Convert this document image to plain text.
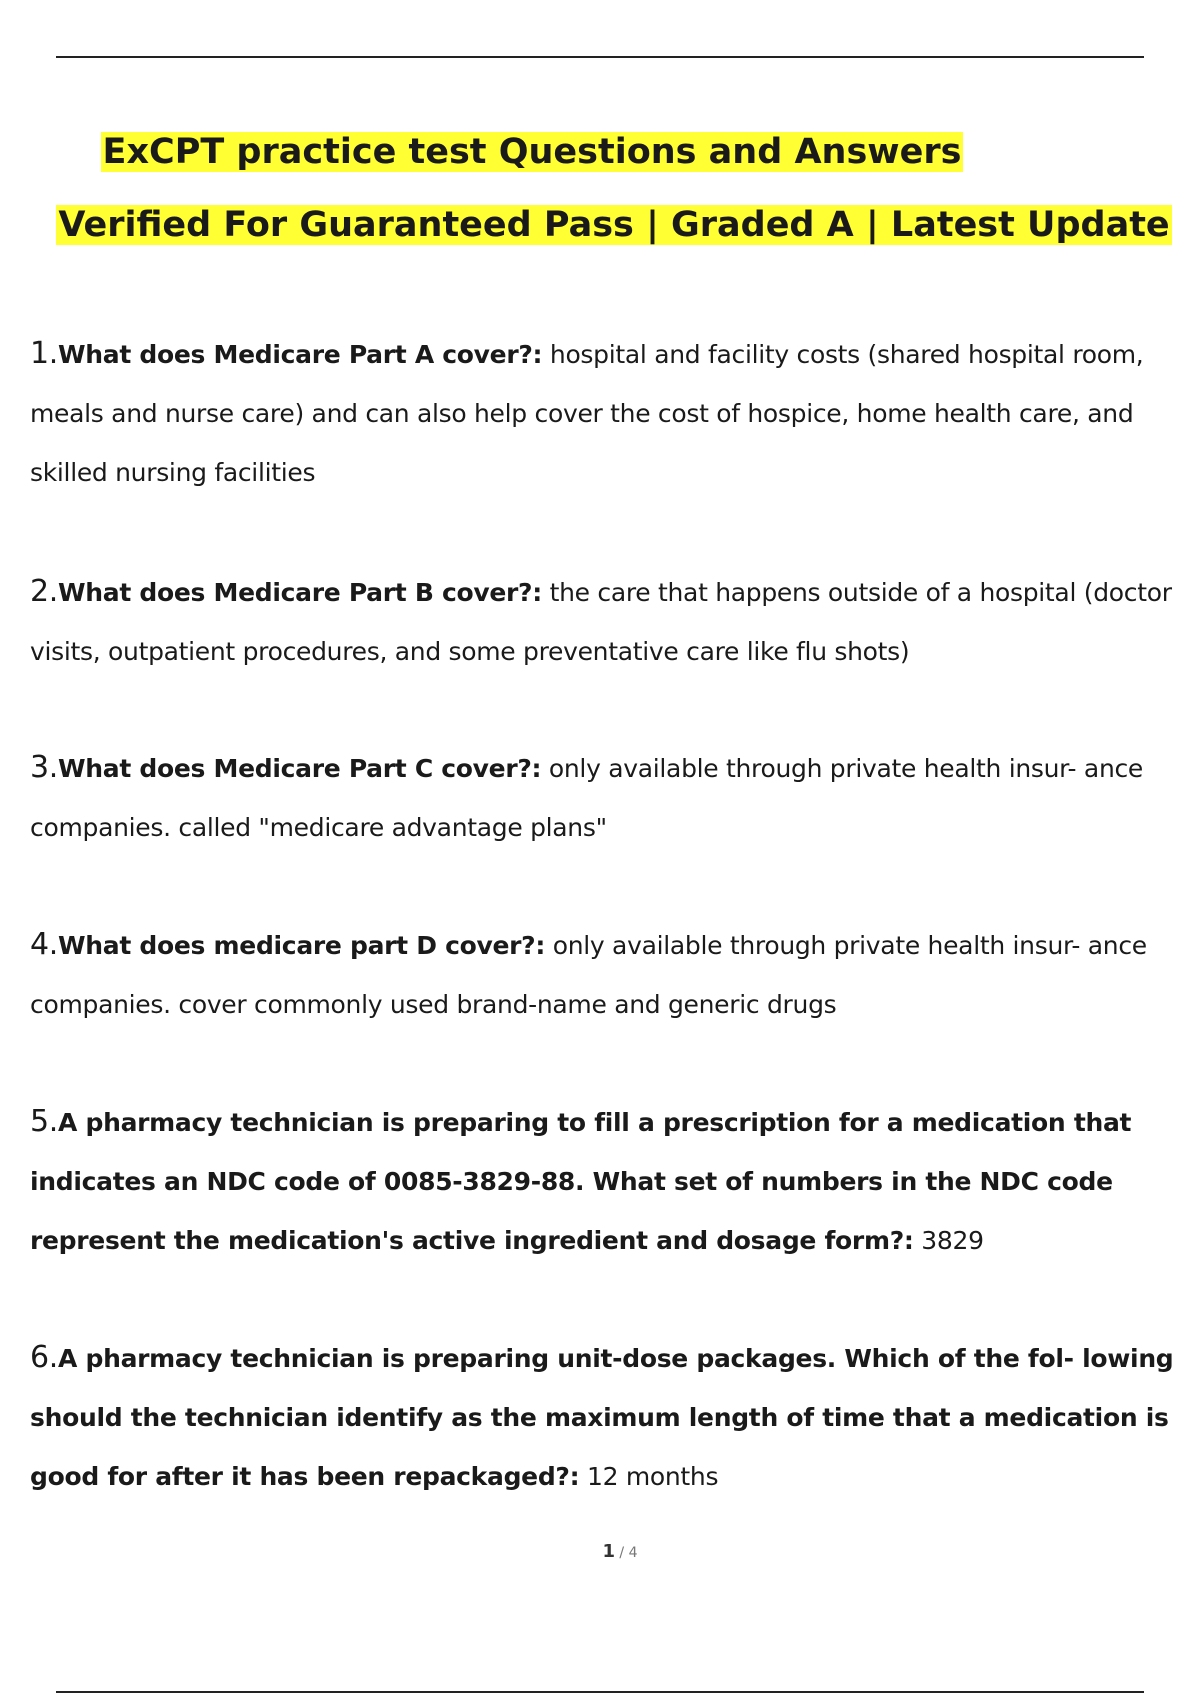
ExCPT practice test Questions and Answers
Verified For Guaranteed Pass | Graded A | Latest Update
1.What does Medicare Part A cover?: hospital and facility costs (shared hospital room, meals and nurse care) and can also help cover the cost of hospice, home health care, and skilled nursing facilities
2.What does Medicare Part B cover?: the care that happens outside of a hospital (doctor visits, outpatient procedures, and some preventative care like flu shots)
3.What does Medicare Part C cover?: only available through private health insur- ance companies. called "medicare advantage plans"
4.What does medicare part D cover?: only available through private health insur- ance companies. cover commonly used brand-name and generic drugs
5.A pharmacy technician is preparing to fill a prescription for a medication that indicates an NDC code of 0085-3829-88. What set of numbers in the NDC code represent the medication's active ingredient and dosage form?: 3829
6.A pharmacy technician is preparing unit-dose packages. Which of the fol- lowing should the technician identify as the maximum length of time that a medication is good for after it has been repackaged?: 12 months
1 / 4
